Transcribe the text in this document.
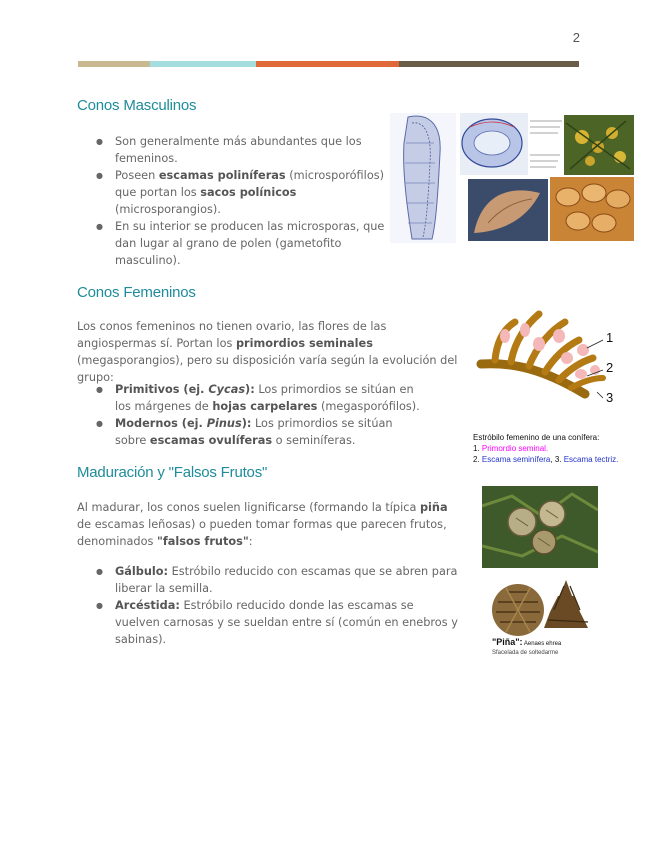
2
Conos Masculinos
● Son generalmente más abundantes que los femeninos.
● Poseen escamas poliníferas (microsporófilos) que portan los sacos polínicos (microsporangios).
● En su interior se producen las microsporas, que dan lugar al grano de polen (gametofito masculino).
Conos Femeninos
Los conos femeninos no tienen ovario, las flores de las angiospermas sí. Portan los primordios seminales (megasporangios), pero su disposición varía según la evolución del grupo:
● Primitivos (ej. Cycas): Los primordios se sitúan en los márgenes de hojas carpelares (megasporófilos).
● Modernos (ej. Pinus): Los primordios se sitúan sobre escamas ovulíferas o seminíferas.
1
2
3
Estróbilo femenino de una conífera:
1. Primordio seminal.
2. Escama seminífera, 3. Escama tectriz.
Maduración y "Falsos Frutos"
Al madurar, los conos suelen lignificarse (formando la típica piña de escamas leñosas) o pueden tomar formas que parecen frutos, denominados "falsos frutos":
● Gálbulo: Estróbilo reducido con escamas que se abren para liberar la semilla.
● Arcéstida: Estróbilo reducido donde las escamas se vuelven carnosas y se sueldan entre sí (común en enebros y sabinas).	"Piña": Aenaes ehrea
Sfacelada de soltedarme
